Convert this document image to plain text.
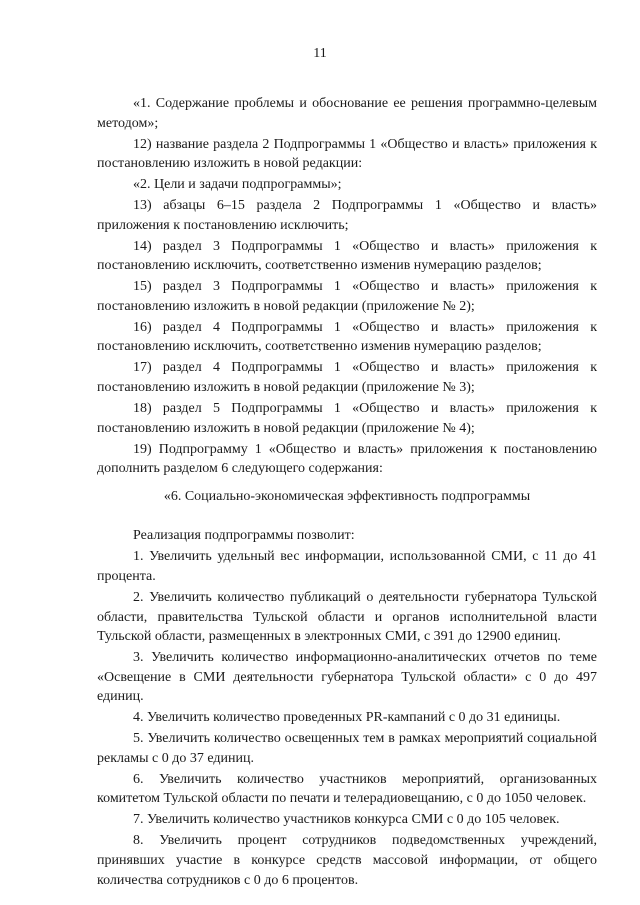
11

«1. Содержание проблемы и обоснование ее решения программно-целевым методом»;

12) название раздела 2 Подпрограммы 1 «Общество и власть» приложения к постановлению изложить в новой редакции:

«2. Цели и задачи подпрограммы»;

13) абзацы 6–15 раздела 2 Подпрограммы 1 «Общество и власть» приложения к постановлению исключить;

14) раздел 3 Подпрограммы 1 «Общество и власть» приложения к постановлению исключить, соответственно изменив нумерацию разделов;

15) раздел 3 Подпрограммы 1 «Общество и власть» приложения к постановлению изложить в новой редакции (приложение № 2);

16) раздел 4 Подпрограммы 1 «Общество и власть» приложения к постановлению исключить, соответственно изменив нумерацию разделов;

17) раздел 4 Подпрограммы 1 «Общество и власть» приложения к постановлению изложить в новой редакции (приложение № 3);

18) раздел 5 Подпрограммы 1 «Общество и власть» приложения к постановлению изложить в новой редакции (приложение № 4);

19) Подпрограмму 1 «Общество и власть» приложения к постановлению дополнить разделом 6 следующего содержания:

«6. Социально-экономическая эффективность подпрограммы

Реализация подпрограммы позволит:

1. Увеличить удельный вес информации, использованной СМИ, с 11 до 41 процента.

2. Увеличить количество публикаций о деятельности губернатора Тульской области, правительства Тульской области и органов исполнительной власти Тульской области, размещенных в электронных СМИ, с 391 до 12900 единиц.

3. Увеличить количество информационно-аналитических отчетов по теме «Освещение в СМИ деятельности губернатора Тульской области» с 0 до 497 единиц.

4. Увеличить количество проведенных PR-кампаний с 0 до 31 единицы.

5. Увеличить количество освещенных тем в рамках мероприятий социальной рекламы с 0 до 37 единиц.

6. Увеличить количество участников мероприятий, организованных комитетом Тульской области по печати и телерадиовещанию, с 0 до 1050 человек.

7. Увеличить количество участников конкурса СМИ с 0 до 105 человек.

8. Увеличить процент сотрудников подведомственных учреждений, принявших участие в конкурсе средств массовой информации, от общего количества сотрудников с 0 до 6 процентов.
